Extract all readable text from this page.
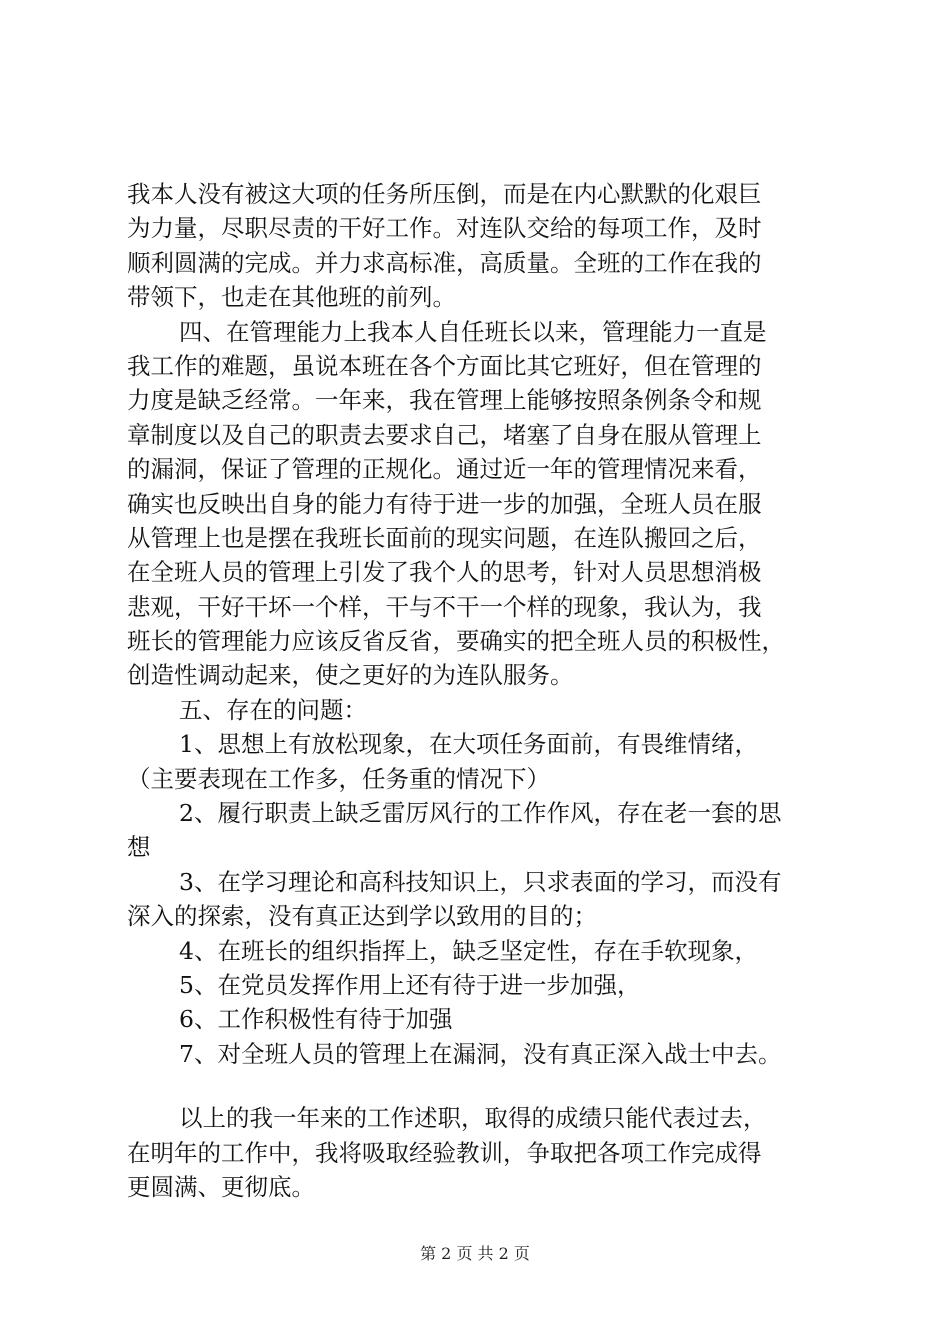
我本人没有被这大项的任务所压倒，而是在内心默默的化艰巨
为力量，尽职尽责的干好工作。对连队交给的每项工作，及时
顺利圆满的完成。并力求高标准，高质量。全班的工作在我的
带领下，也走在其他班的前列。
四、在管理能力上我本人自任班长以来，管理能力一直是
我工作的难题，虽说本班在各个方面比其它班好，但在管理的
力度是缺乏经常。一年来，我在管理上能够按照条例条令和规
章制度以及自己的职责去要求自己，堵塞了自身在服从管理上
的漏洞，保证了管理的正规化。通过近一年的管理情况来看，
确实也反映出自身的能力有待于进一步的加强，全班人员在服
从管理上也是摆在我班长面前的现实问题，在连队搬回之后，
在全班人员的管理上引发了我个人的思考，针对人员思想消极
悲观，干好干坏一个样，干与不干一个样的现象，我认为，我
班长的管理能力应该反省反省，要确实的把全班人员的积极性，
创造性调动起来，使之更好的为连队服务。
五、存在的问题：
1、思想上有放松现象，在大项任务面前，有畏维情绪，
（主要表现在工作多，任务重的情况下）
2、履行职责上缺乏雷厉风行的工作作风，存在老一套的思
想
3、在学习理论和高科技知识上，只求表面的学习，而没有
深入的探索，没有真正达到学以致用的目的；
4、在班长的组织指挥上，缺乏坚定性，存在手软现象，
5、在党员发挥作用上还有待于进一步加强，
6、工作积极性有待于加强
7、对全班人员的管理上在漏洞，没有真正深入战士中去。
以上的我一年来的工作述职，取得的成绩只能代表过去，
在明年的工作中，我将吸取经验教训，争取把各项工作完成得
更圆满、更彻底。
第 2 页 共 2 页
